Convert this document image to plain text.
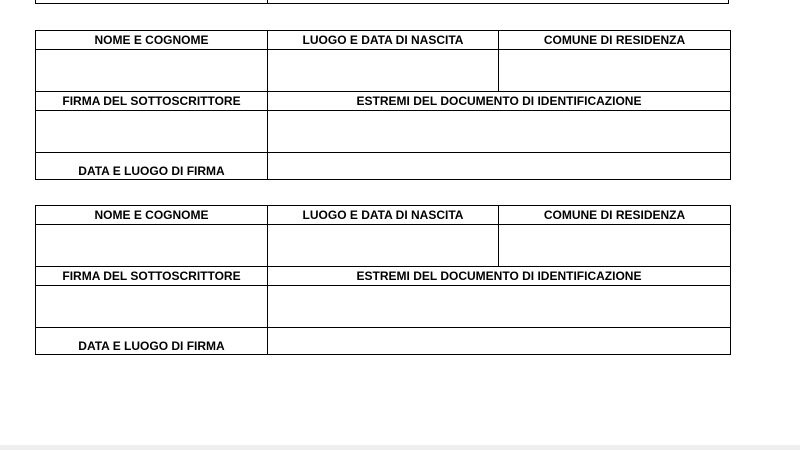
NOME E COGNOME	LUOGO E DATA DI NASCITA	COMUNE DI RESIDENZA

FIRMA DEL SOTTOSCRITTORE	ESTREMI DEL DOCUMENTO DI IDENTIFICAZIONE	

DATA E LUOGO DI FIRMA		
NOME E COGNOME	LUOGO E DATA DI NASCITA	COMUNE DI RESIDENZA

FIRMA DEL SOTTOSCRITTORE	ESTREMI DEL DOCUMENTO DI IDENTIFICAZIONE	

DATA E LUOGO DI FIRMA		
